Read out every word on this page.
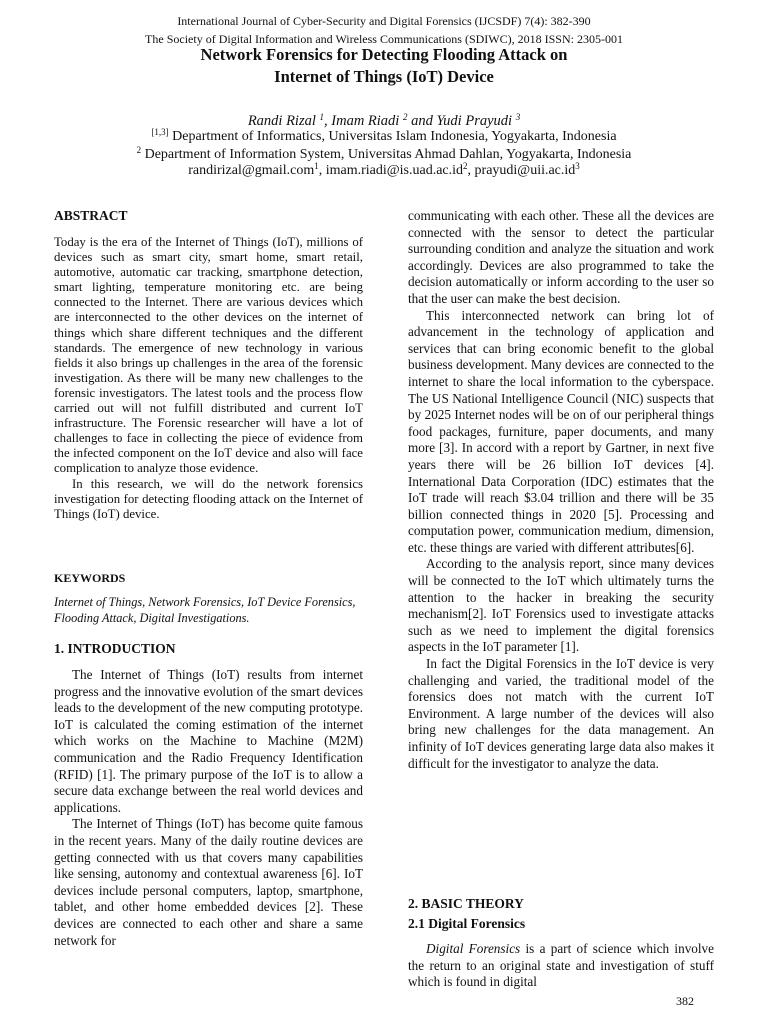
International Journal of Cyber-Security and Digital Forensics (IJCSDF) 7(4): 382-390
The Society of Digital Information and Wireless Communications (SDIWC), 2018 ISSN: 2305-001
Network Forensics for Detecting Flooding Attack on
Internet of Things (IoT) Device
Randi Rizal $^1$, Imam Riadi $^2$ and Yudi Prayudi $^3$
[1,3] Department of Informatics, Universitas Islam Indonesia, Yogyakarta, Indonesia
$^2$ Department of Information System, Universitas Ahmad Dahlan, Yogyakarta, Indonesia
randirizal@gmail.com$^1$, $imam.riadi@is.uad.ac.id^2$, $prayudi@uii.ac.id^3$
ABSTRACT

Today is the era of the Internet of Things (IoT), millions of devices such as smart city, smart home, smart retail, automotive, automatic car tracking, smartphone detection, smart lighting, temperature monitoring etc. are being connected to the Internet. There are various devices which are interconnected to the other devices on the internet of things which share different techniques and the different standards. The emergence of new technology in various fields it also brings up challenges in the area of the forensic investigation. As there will be many new challenges to the forensic investigators. The latest tools and the process flow carried out will not fulfill distributed and current IoT infrastructure. The Forensic researcher will have a lot of challenges to face in collecting the piece of evidence from the infected component on the IoT device and also will face complication to analyze those evidence.

In this research, we will do the network forensics investigation for detecting flooding attack on the Internet of Things (IoT) device.

KEYWORDS
Internet of Things, Network Forensics, IoT Device Forensics, Flooding Attack, Digital Investigations.
1. INTRODUCTION

The Internet of Things (IoT) results from internet progress and the innovative evolution of the smart devices leads to the development of the new computing prototype. IoT is calculated the coming estimation of the internet which works on the Machine to Machine (M2M) communication and the Radio Frequency Identification (RFID) [1]. The primary purpose of the IoT is to allow a secure data exchange between the real world devices and applications.

The Internet of Things (IoT) has become quite famous in the recent years. Many of the daily routine devices are getting connected with us that covers many capabilities like sensing, autonomy and contextual awareness [6]. IoT devices include personal computers, laptop, smartphone, tablet, and other home embedded devices [2]. These devices are connected to each other and share a same network for

communicating with each other. These all the devices are connected with the sensor to detect the particular surrounding condition and analyze the situation and work accordingly. Devices are also programmed to take the decision automatically or inform according to the user so that the user can make the best decision.

This interconnected network can bring lot of advancement in the technology of application and services that can bring economic benefit to the global business development. Many devices are connected to the internet to share the local information to the cyberspace. The US National Intelligence Council (NIC) suspects that by 2025 Internet nodes will be on of our peripheral things food packages, furniture, paper documents, and many more [3]. In accord with a report by Gartner, in next five years there will be 26 billion IoT devices [4]. International Data Corporation (IDC) estimates that the IoT trade will reach $3.04 trillion and there will be 35 billion connected things in 2020 [5]. Processing and computation power, communication medium, dimension, etc. these things are varied with different attributes[6].

According to the analysis report, since many devices will be connected to the IoT which ultimately turns the attention to the hacker in breaking the security mechanism[2]. IoT Forensics used to investigate attacks such as we need to implement the digital forensics aspects in the IoT parameter [1].

In fact the Digital Forensics in the IoT device is very challenging and varied, the traditional model of the forensics does not match with the current IoT Environment. A large number of the devices will also bring new challenges for the data management. An infinity of IoT devices generating large data also makes it difficult for the investigator to analyze the data.

2. BASIC THEORY
2.1 Digital Forensics

Digital Forensics is a part of science which involve the return to an original state and investigation of stuff which is found in digital

382
